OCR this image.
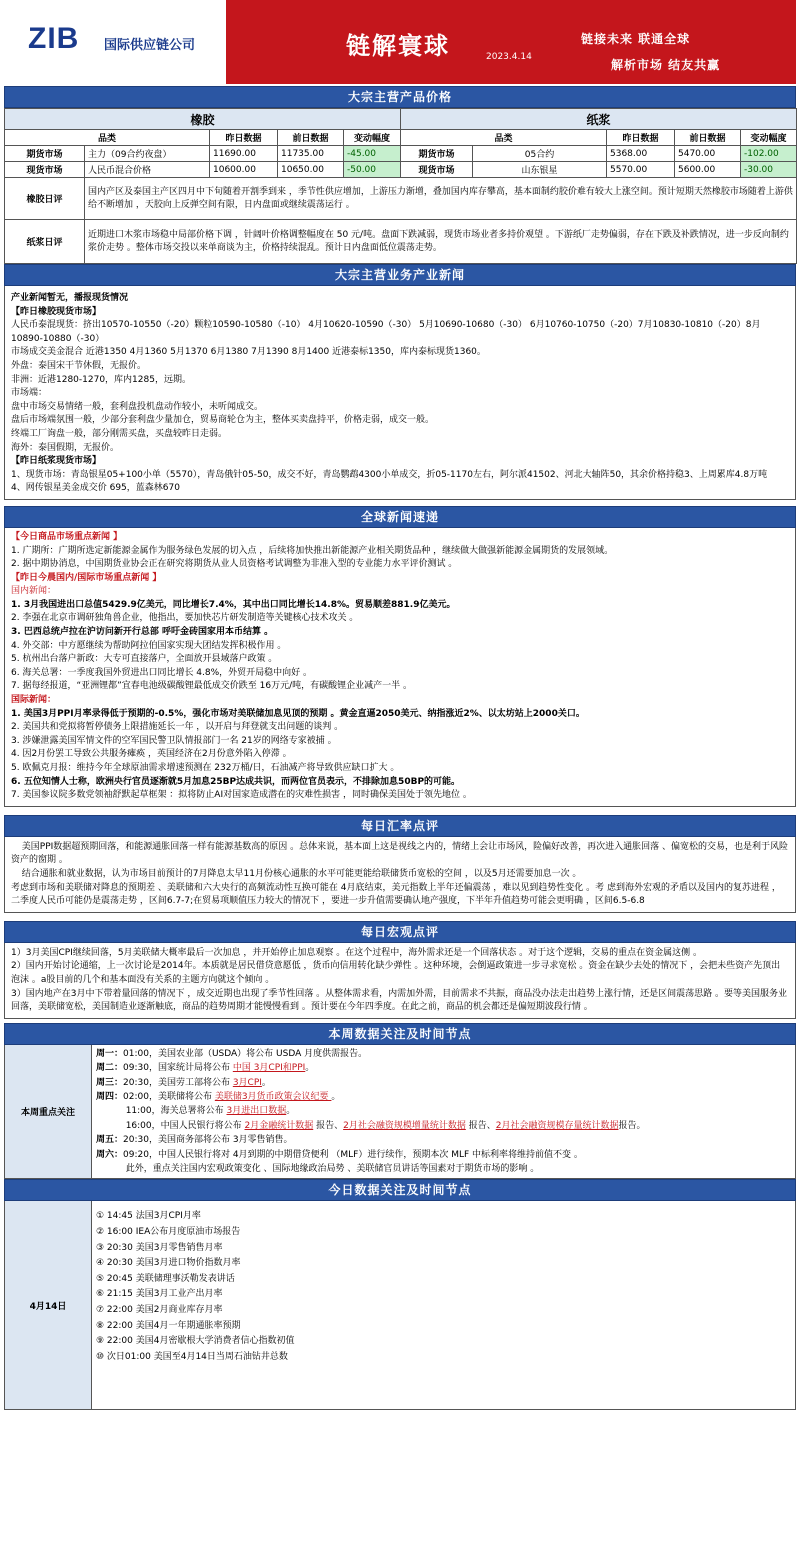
ZIB 国际供应链公司	链解寰球	2023.4.14
链接未来 联通全球
解析市场 结友共赢
大宗主营产品价格
橡胶					纸浆				
品类		昨日数据	前日数据	变动幅度	品类		昨日数据	前日数据	变动幅度
期货市场	主力（09合约夜盘）	11690.00	11735.00	-45.00	期货市场	05合约	5368.00	5470.00	-102.00
现货市场	人民币混合价格	10600.00	10650.00	-50.00	现货市场	山东银星	5570.00	5600.00	-30.00
橡胶日评	国内产区及泰国主产区四月中下旬随着开割季到来 ，季节性供应增加，上游压力渐增，叠加国内库存攀高，基本面制约胶价难有较大上涨空间。预计短期天然橡胶市场随着上游供给不断增加 ，天胶向上反弹空间有限，日内盘面或继续震荡运行 。								
纸浆日评	近期进口木浆市场稳中局部价格下调 ，针阔叶价格调整幅度在 50 元/吨。盘面下跌减弱，现货市场业者多持价观望 。下游纸厂走势偏弱，存在下跌及补跌情况，进一步反向制约浆价走势 。整体市场交投以来单商谈为主，价格持续混乱。预计日内盘面低位震荡走势。								
大宗主营业务产业新闻

产业新闻暂无，播报现货情况

【昨日橡胶现货市场】

人民币泰混现货：挤出10570-10550（-20）颗粒10590-10580（-10） 4月10620-10590（-30） 5月10690-10680（-30） 6月10760-10750（-20）7月10830-10810（-20）8月10890-10880（-30）

市场成交美金混合 近港1350 4月1360 5月1370 6月1380 7月1390 8月1400 近港泰标1350，库内泰标现货1360。

外盘：泰国宋干节休假，无报价。

非洲：近港1280-1270，库内1285，远期。

市场端：

盘中市场交易情绪一般，套利盘投机盘动作较小，未听闻成交。

盘后市场端氛围一般，少部分套利盘少量加仓，贸易商轮仓为主，整体买卖盘持平，价格走弱，成交一般。

终端工厂询盘一般，部分刚需买盘，买盘较昨日走弱。

海外：泰国假期，无报价。

【昨日纸浆现货市场】

1、现货市场：青岛银星05+100小单（5570），青岛俄针05-50，成交不好，青岛鹦鹉4300小单成交，折05-1170左右，阿尔派41502、河北大轴阵50，其余价格持稳3、上周累库4.8万吨

4、网传银星美金成交价 695，蓝森林670

全球新闻速递

【今日商品市场重点新闻 】

1. 广期所：广期所选定新能源金属作为服务绿色发展的切入点 ，后续将加快推出新能源产业相关期货品种 ，继续做大做强新能源金属期货的发展领域。

2. 据中期协消息，中国期货业协会正在研究将期货从业人员资格考试调整为非准入型的专业能力水平评价测试 。

【昨日今晨国内/国际市场重点新闻 】

国内新闻：

1. 3月我国进出口总值5429.9亿美元，同比增长7.4%，其中出口同比增长14.8%。贸易顺差881.9亿美元。

2. 李强在北京市调研独角兽企业，他指出，要加快芯片研发制造等关键核心技术攻关 。

3. 巴西总统卢拉在沪访问新开行总部 呼吁金砖国家用本币结算 。

4. 外交部：中方愿继续为帮助阿拉伯国家实现大团结发挥积极作用 。

5. 杭州出台落户新政：大专可直接落户，全面放开县域落户政策 。

6. 海关总署：一季度我国外贸进出口同比增长 4.8%，外贸开局稳中向好 。

7. 据每经报道，“亚洲锂都”宜春电池级碳酸锂最低成交价跌至 16万元/吨，有碳酸锂企业减产一半 。

国际新闻：

1. 美国3月PPI月率录得低于预期的-0.5%，强化市场对美联储加息见顶的预期 。黄金直逼2050美元、纳指涨近2%、以太坊站上2000关口。

2. 美国共和党拟将暂停债务上限措施延长一年 ，以开启与拜登就支出问题的谈判 。

3. 涉嫌泄露美国军情文件的空军国民警卫队情报部门一名 21岁的网络专家被捕 。

4. 因2月份罢工导致公共服务瘫痪 ，英国经济在2月份意外陷入停滞 。

5. 欧佩克月报：维持今年全球原油需求增速预测在 232万桶/日，石油减产将导致供应缺口扩大 。

6. 五位知情人士称，欧洲央行官员逐渐就5月加息25BP达成共识，而两位官员表示，不排除加息50BP的可能。

7. 美国参议院多数党领袖舒默起草框架 ：拟将防止AI对国家造成潜在的灾难性损害 ，同时确保美国处于领先地位 。

每日汇率点评

美国PPI数据超预期回落，和能源通胀回落一样有能源基数高的原因 。总体来说，基本面上这是视线之内的，情绪上会让市场风，险偏好改善，再次进入通胀回落 、偏宽松的交易，也是利于风险资产的窗期 。

结合通胀和就业数据，认为市场目前预计的7月降息太早11月份核心通胀的水平可能更能给联储货币宽松的空间 ，以及5月还需要加息一次 。

考虑到市场和美联储对降息的预期差 、美联储和六大央行的高频流动性互换可能在 4月底结束，美元指数上半年还偏震荡 ，难以见到趋势性变化 。考 虑到海外宏观的矛盾以及国内的复苏进程 ，二季度人民币可能仍是震荡走势 ，区间6.7-7;在贸易项顺值压力较大的情况下 ，要进一步升值需要确认地产强度，下半年升值趋势可能会更明确 ，区间6.5-6.8

每日宏观点评

1）3月美国CPI继续回落，5月美联储大概率最后一次加息 ，并开始停止加息观察 。在这个过程中，海外需求还是一个回落状态 。对于这个逻辑，交易的重点在资金属这侧 。

2）国内开始讨论通缩，上一次讨论是2014年。本质就是居民借贷意愿低 ，货币向信用转化缺少弹性 。这种环境，会倒逼政策进一步寻求宽松 。资金在缺少去处的情况下 ，会把未些资产先顶出泡沫 。a股目前的几个和基本面没有关系的主题方向就这个倾向 。

3）国内地产在3月中下带着量回落的情况下 ，成交近期也出现了季节性回落 。从整体需求看，内需加外需，目前需求不共振，商品没办法走出趋势上涨行情，还是区间震荡思路 。要等美国服务业回落，美联储宽松，美国制造业逐渐触底，商品的趋势周期才能慢慢看到 。预计要在今年四季度。在此之前，商品的机会都还是偏短期波段行情 。

本周数据关注及时间节点
本周重点关注

周一：01:00，美国农业部（USDA）将公布 USDA 月度供需报告。

周二：09:30，国家统计局将公布 中国 3月CPI和PPI。

周三：20:30，美国劳工部将公布 3月CPI。

周四：02:00，美联储将公布 美联储3月货币政策会议纪要 。

11:00，海关总署将公布 3月进出口数据。

16:00，中国人民银行将公布 2月金融统计数据 报告、2月社会融资规模增量统计数据 报告、2月社会融资规模存量统计数据报告。

周五：20:30，美国商务部将公布 3月零售销售。

周六：09:20，中国人民银行将对 4月到期的中期借贷便利 （MLF）进行续作，预期本次 MLF 中标利率将维持前值不变 。

此外，重点关注国内宏观政策变化 、国际地缘政治局势 、美联储官员讲话等国素对于期货市场的影响 。

今日数据关注及时间节点
4月14日

① 14:45 法国3月CPI月率

② 16:00 IEA公布月度原油市场报告

③ 20:30 美国3月零售销售月率

④ 20:30 美国3月进口物价指数月率

⑤ 20:45 美联储理事沃勒发表讲话

⑥ 21:15 美国3月工业产出月率

⑦ 22:00 美国2月商业库存月率

⑧ 22:00 美国4月一年期通胀率预期

⑨ 22:00 美国4月密歇根大学消费者信心指数初值

⑩ 次日01:00 美国至4月14日当周石油钻井总数
